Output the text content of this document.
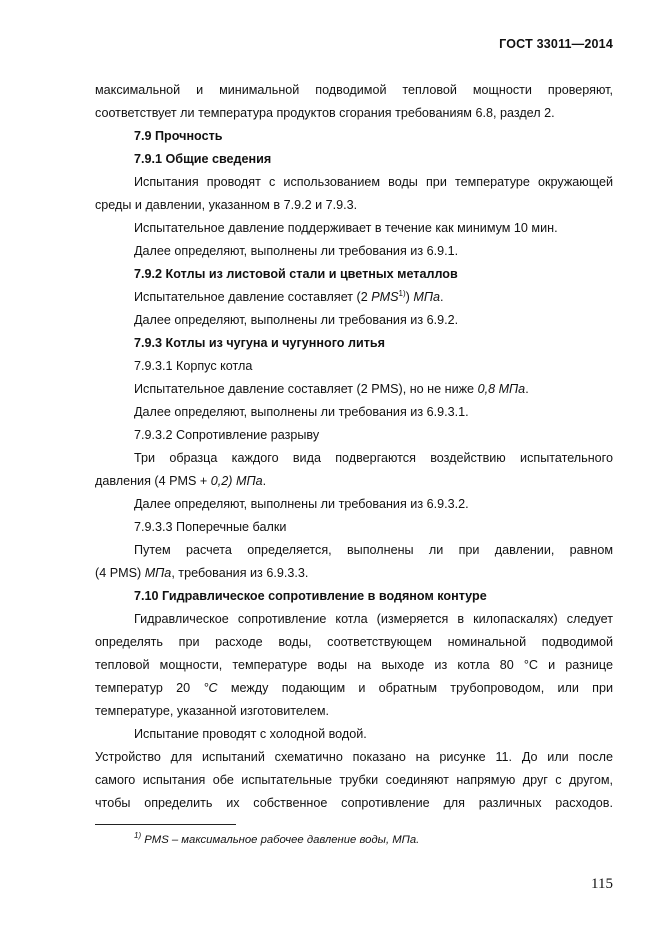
ГОСТ 33011—2014

максимальной и минимальной подводимой тепловой мощности проверяют,

соответствует ли температура продуктов сгорания требованиям 6.8, раздел 2.

7.9 Прочность

7.9.1 Общие сведения

Испытания проводят с использованием воды при температуре окружающей

среды и давлении, указанном в 7.9.2 и 7.9.3.

Испытательное давление поддерживает в течение как минимум 10 мин.

Далее определяют, выполнены ли требования из 6.9.1.

7.9.2 Котлы из листовой стали и цветных металлов

Испытательное давление составляет (2 PMS$^{1)}$) МПа.

Далее определяют, выполнены ли требования из 6.9.2.

7.9.3 Котлы из чугуна и чугунного литья

7.9.3.1 Корпус котла

Испытательное давление составляет (2 PMS), но не ниже 0,8 МПа.

Далее определяют, выполнены ли требования из 6.9.3.1.

7.9.3.2 Сопротивление разрыву

Три образца каждого вида подвергаются воздействию испытательного

давления (4 PMS + 0,2) МПа.

Далее определяют, выполнены ли требования из 6.9.3.2.

7.9.3.3 Поперечные балки

Путем расчета определяется, выполнены ли при давлении, равном

(4 PMS) МПа, требования из 6.9.3.3.

7.10 Гидравлическое сопротивление в водяном контуре

Гидравлическое сопротивление котла (измеряется в килопаскалях) следует

определять при расходе воды, соответствующем номинальной подводимой

тепловой мощности, температуре воды на выходе из котла 80 °С и разнице

температур 20 °С между подающим и обратным трубопроводом, или при

температуре, указанной изготовителем.

Испытание проводят с холодной водой.

Устройство для испытаний схематично показано на рисунке 11. До или после

самого испытания обе испытательные трубки соединяют напрямую друг с другом,

чтобы определить их собственное сопротивление для различных расходов.

$^{1)}$ PMS – максимальное рабочее давление воды, МПа.
115
